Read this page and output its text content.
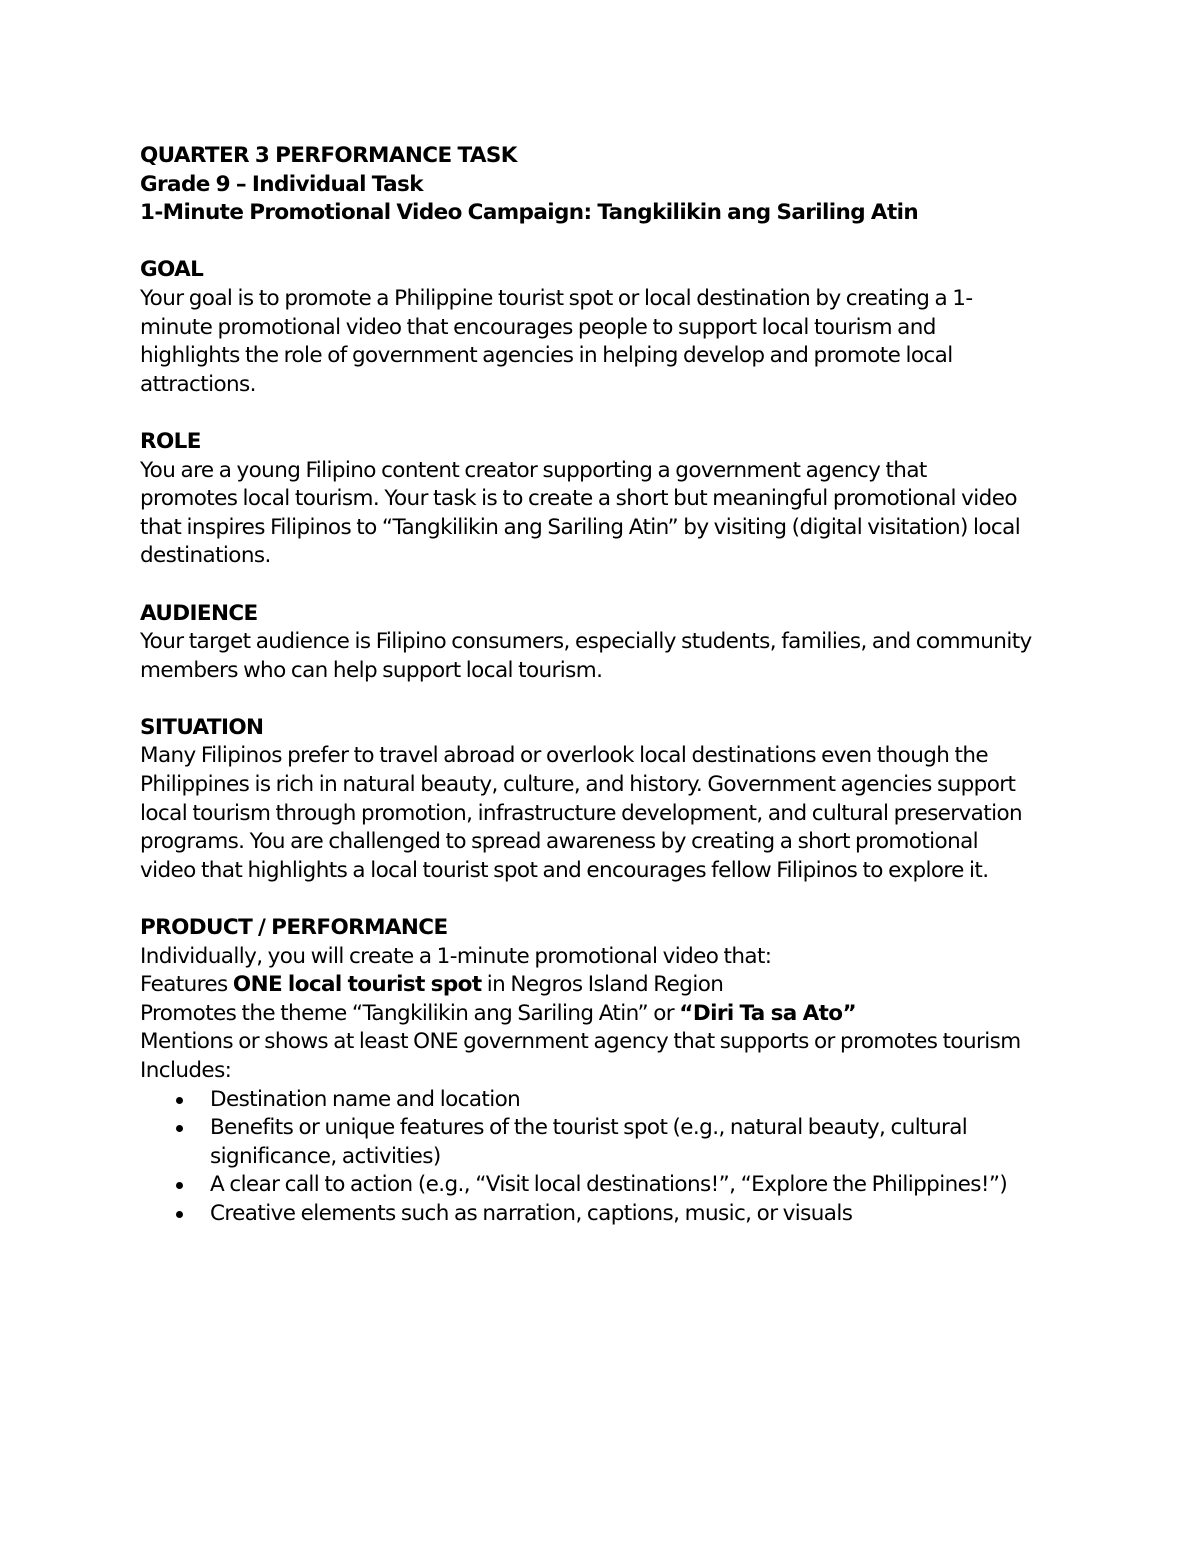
QUARTER 3 PERFORMANCE TASK

Grade 9 – Individual Task

1-Minute Promotional Video Campaign: Tangkilikin ang Sariling Atin

GOAL

Your goal is to promote a Philippine tourist spot or local destination by creating a 1-
minute promotional video that encourages people to support local tourism and
highlights the role of government agencies in helping develop and promote local
attractions.

ROLE

You are a young Filipino content creator supporting a government agency that
promotes local tourism. Your task is to create a short but meaningful promotional video
that inspires Filipinos to “Tangkilikin ang Sariling Atin” by visiting (digital visitation) local
destinations.

AUDIENCE

Your target audience is Filipino consumers, especially students, families, and community
members who can help support local tourism.

SITUATION

Many Filipinos prefer to travel abroad or overlook local destinations even though the
Philippines is rich in natural beauty, culture, and history. Government agencies support
local tourism through promotion, infrastructure development, and cultural preservation
programs. You are challenged to spread awareness by creating a short promotional
video that highlights a local tourist spot and encourages fellow Filipinos to explore it.

PRODUCT / PERFORMANCE

Individually, you will create a 1-minute promotional video that:

Features ONE local tourist spot in Negros Island Region

Promotes the theme “Tangkilikin ang Sariling Atin” or “Diri Ta sa Ato”

Mentions or shows at least ONE government agency that supports or promotes tourism

Includes:

Destination name and location
Benefits or unique features of the tourist spot (e.g., natural beauty, cultural
significance, activities)
A clear call to action (e.g., “Visit local destinations!”, “Explore the Philippines!”)
Creative elements such as narration, captions, music, or visuals
